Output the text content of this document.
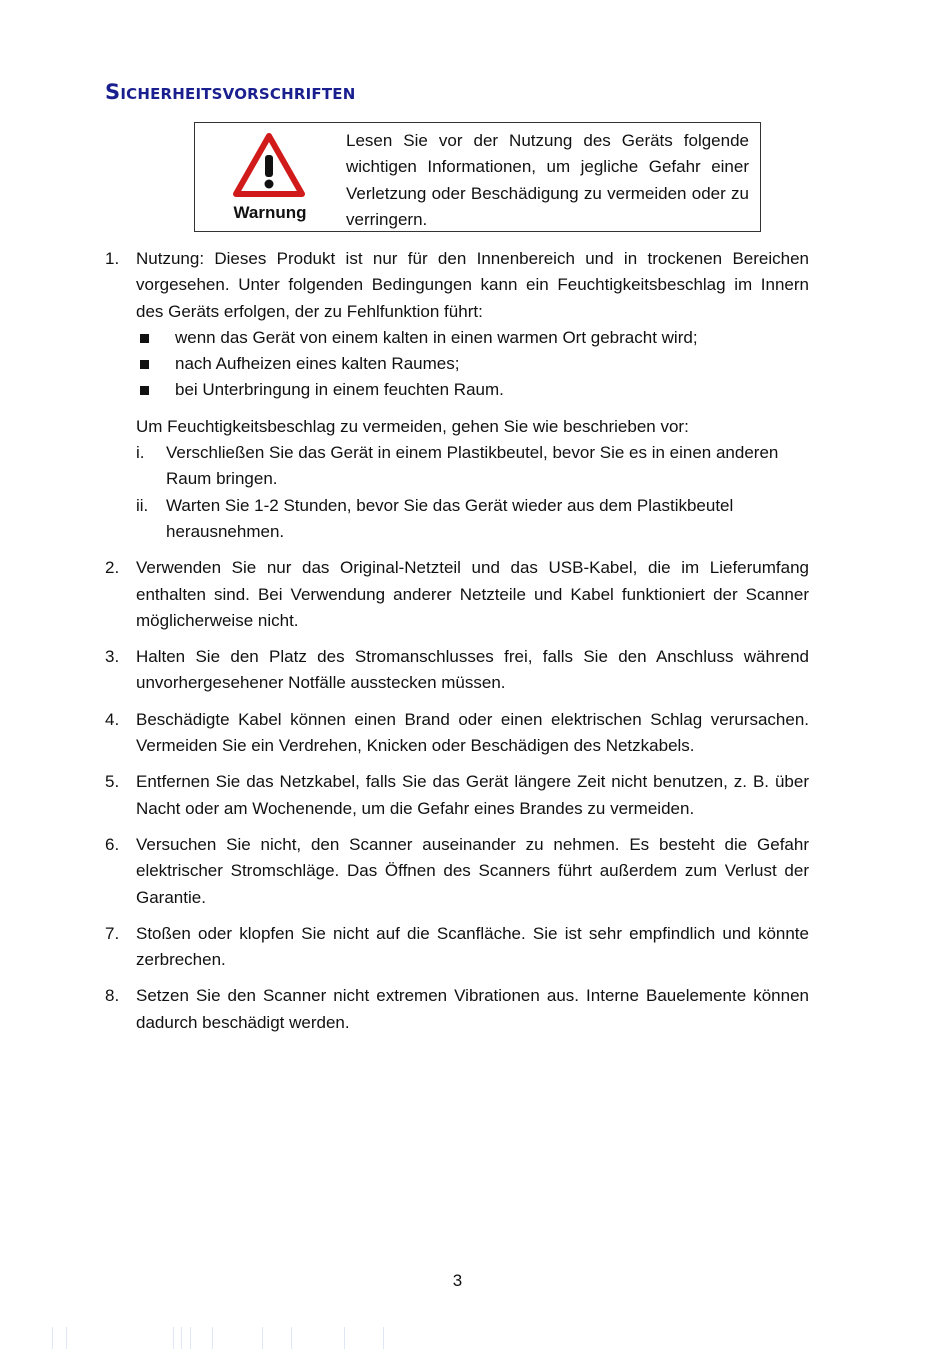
Sicherheitsvorschriften
Warnung
Lesen Sie vor der Nutzung des Geräts folgende wichtigen Informationen, um jegliche Gefahr einer Verletzung oder Beschädigung zu vermeiden oder zu verringern.
1. Nutzung: Dieses Produkt ist nur für den Innenbereich und in trockenen Bereichen vorgesehen. Unter folgenden Bedingungen kann ein Feuchtigkeitsbeschlag im Innern des Geräts erfolgen, der zu Fehlfunktion führt:
wenn das Gerät von einem kalten in einen warmen Ort gebracht wird;
nach Aufheizen eines kalten Raumes;
bei Unterbringung in einem feuchten Raum.
Um Feuchtigkeitsbeschlag zu vermeiden, gehen Sie wie beschrieben vor:
i. Verschließen Sie das Gerät in einem Plastikbeutel, bevor Sie es in einen anderen Raum bringen.
ii. Warten Sie 1-2 Stunden, bevor Sie das Gerät wieder aus dem Plastikbeutel herausnehmen.
2. Verwenden Sie nur das Original-Netzteil und das USB-Kabel, die im Lieferumfang enthalten sind. Bei Verwendung anderer Netzteile und Kabel funktioniert der Scanner möglicherweise nicht.
3. Halten Sie den Platz des Stromanschlusses frei, falls Sie den Anschluss während unvorhergesehener Notfälle ausstecken müssen.
4. Beschädigte Kabel können einen Brand oder einen elektrischen Schlag verursachen. Vermeiden Sie ein Verdrehen, Knicken oder Beschädigen des Netzkabels.
5. Entfernen Sie das Netzkabel, falls Sie das Gerät längere Zeit nicht benutzen, z. B. über Nacht oder am Wochenende, um die Gefahr eines Brandes zu vermeiden.
6. Versuchen Sie nicht, den Scanner auseinander zu nehmen. Es besteht die Gefahr elektrischer Stromschläge. Das Öffnen des Scanners führt außerdem zum Verlust der Garantie.
7. Stoßen oder klopfen Sie nicht auf die Scanfläche. Sie ist sehr empfindlich und könnte zerbrechen.
8. Setzen Sie den Scanner nicht extremen Vibrationen aus. Interne Bauelemente können dadurch beschädigt werden.
3
